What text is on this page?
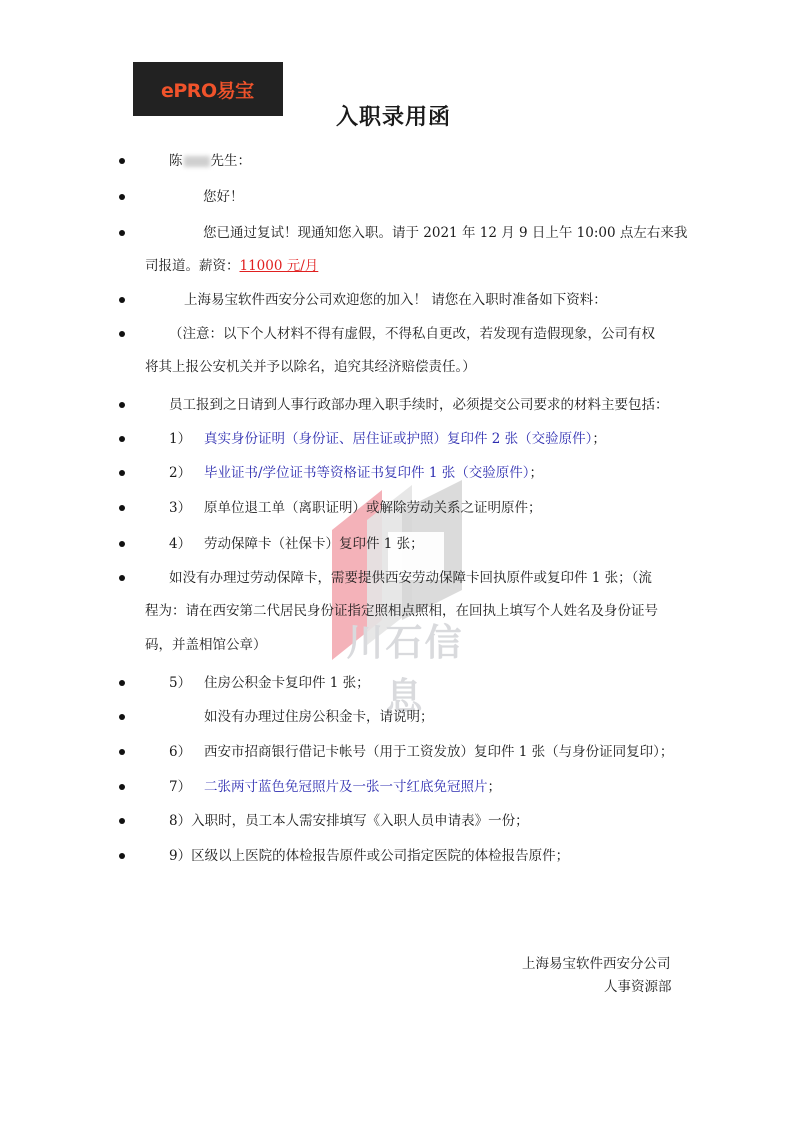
ePRO易宝
入职录用函
川石信息
陈 先生：
您好！
您已通过复试！现通知您入职。请于 2021 年 12 月 9 日上午 10:00 点左右来我
司报道。薪资：11000 元/月
上海易宝软件西安分公司欢迎您的加入！ 请您在入职时准备如下资料：
（注意：以下个人材料不得有虚假，不得私自更改，若发现有造假现象，公司有权
将其上报公安机关并予以除名，追究其经济赔偿责任。）
员工报到之日请到人事行政部办理入职手续时，必须提交公司要求的材料主要包括：
1） 真实身份证明（身份证、居住证或护照）复印件 2 张（交验原件）；
2） 毕业证书/学位证书等资格证书复印件 1 张（交验原件）；
3） 原单位退工单（离职证明）或解除劳动关系之证明原件；
4） 劳动保障卡（社保卡）复印件 1 张；
如没有办理过劳动保障卡，需要提供西安劳动保障卡回执原件或复印件 1 张；（流
程为：请在西安第二代居民身份证指定照相点照相，在回执上填写个人姓名及身份证号
码，并盖相馆公章）
5） 住房公积金卡复印件 1 张；
如没有办理过住房公积金卡，请说明；
6） 西安市招商银行借记卡帐号（用于工资发放）复印件 1 张（与身份证同复印）；
7） 二张两寸蓝色免冠照片及一张一寸红底免冠照片；
8）入职时，员工本人需安排填写《入职人员申请表》一份；
9）区级以上医院的体检报告原件或公司指定医院的体检报告原件；
上海易宝软件西安分公司
人事资源部
